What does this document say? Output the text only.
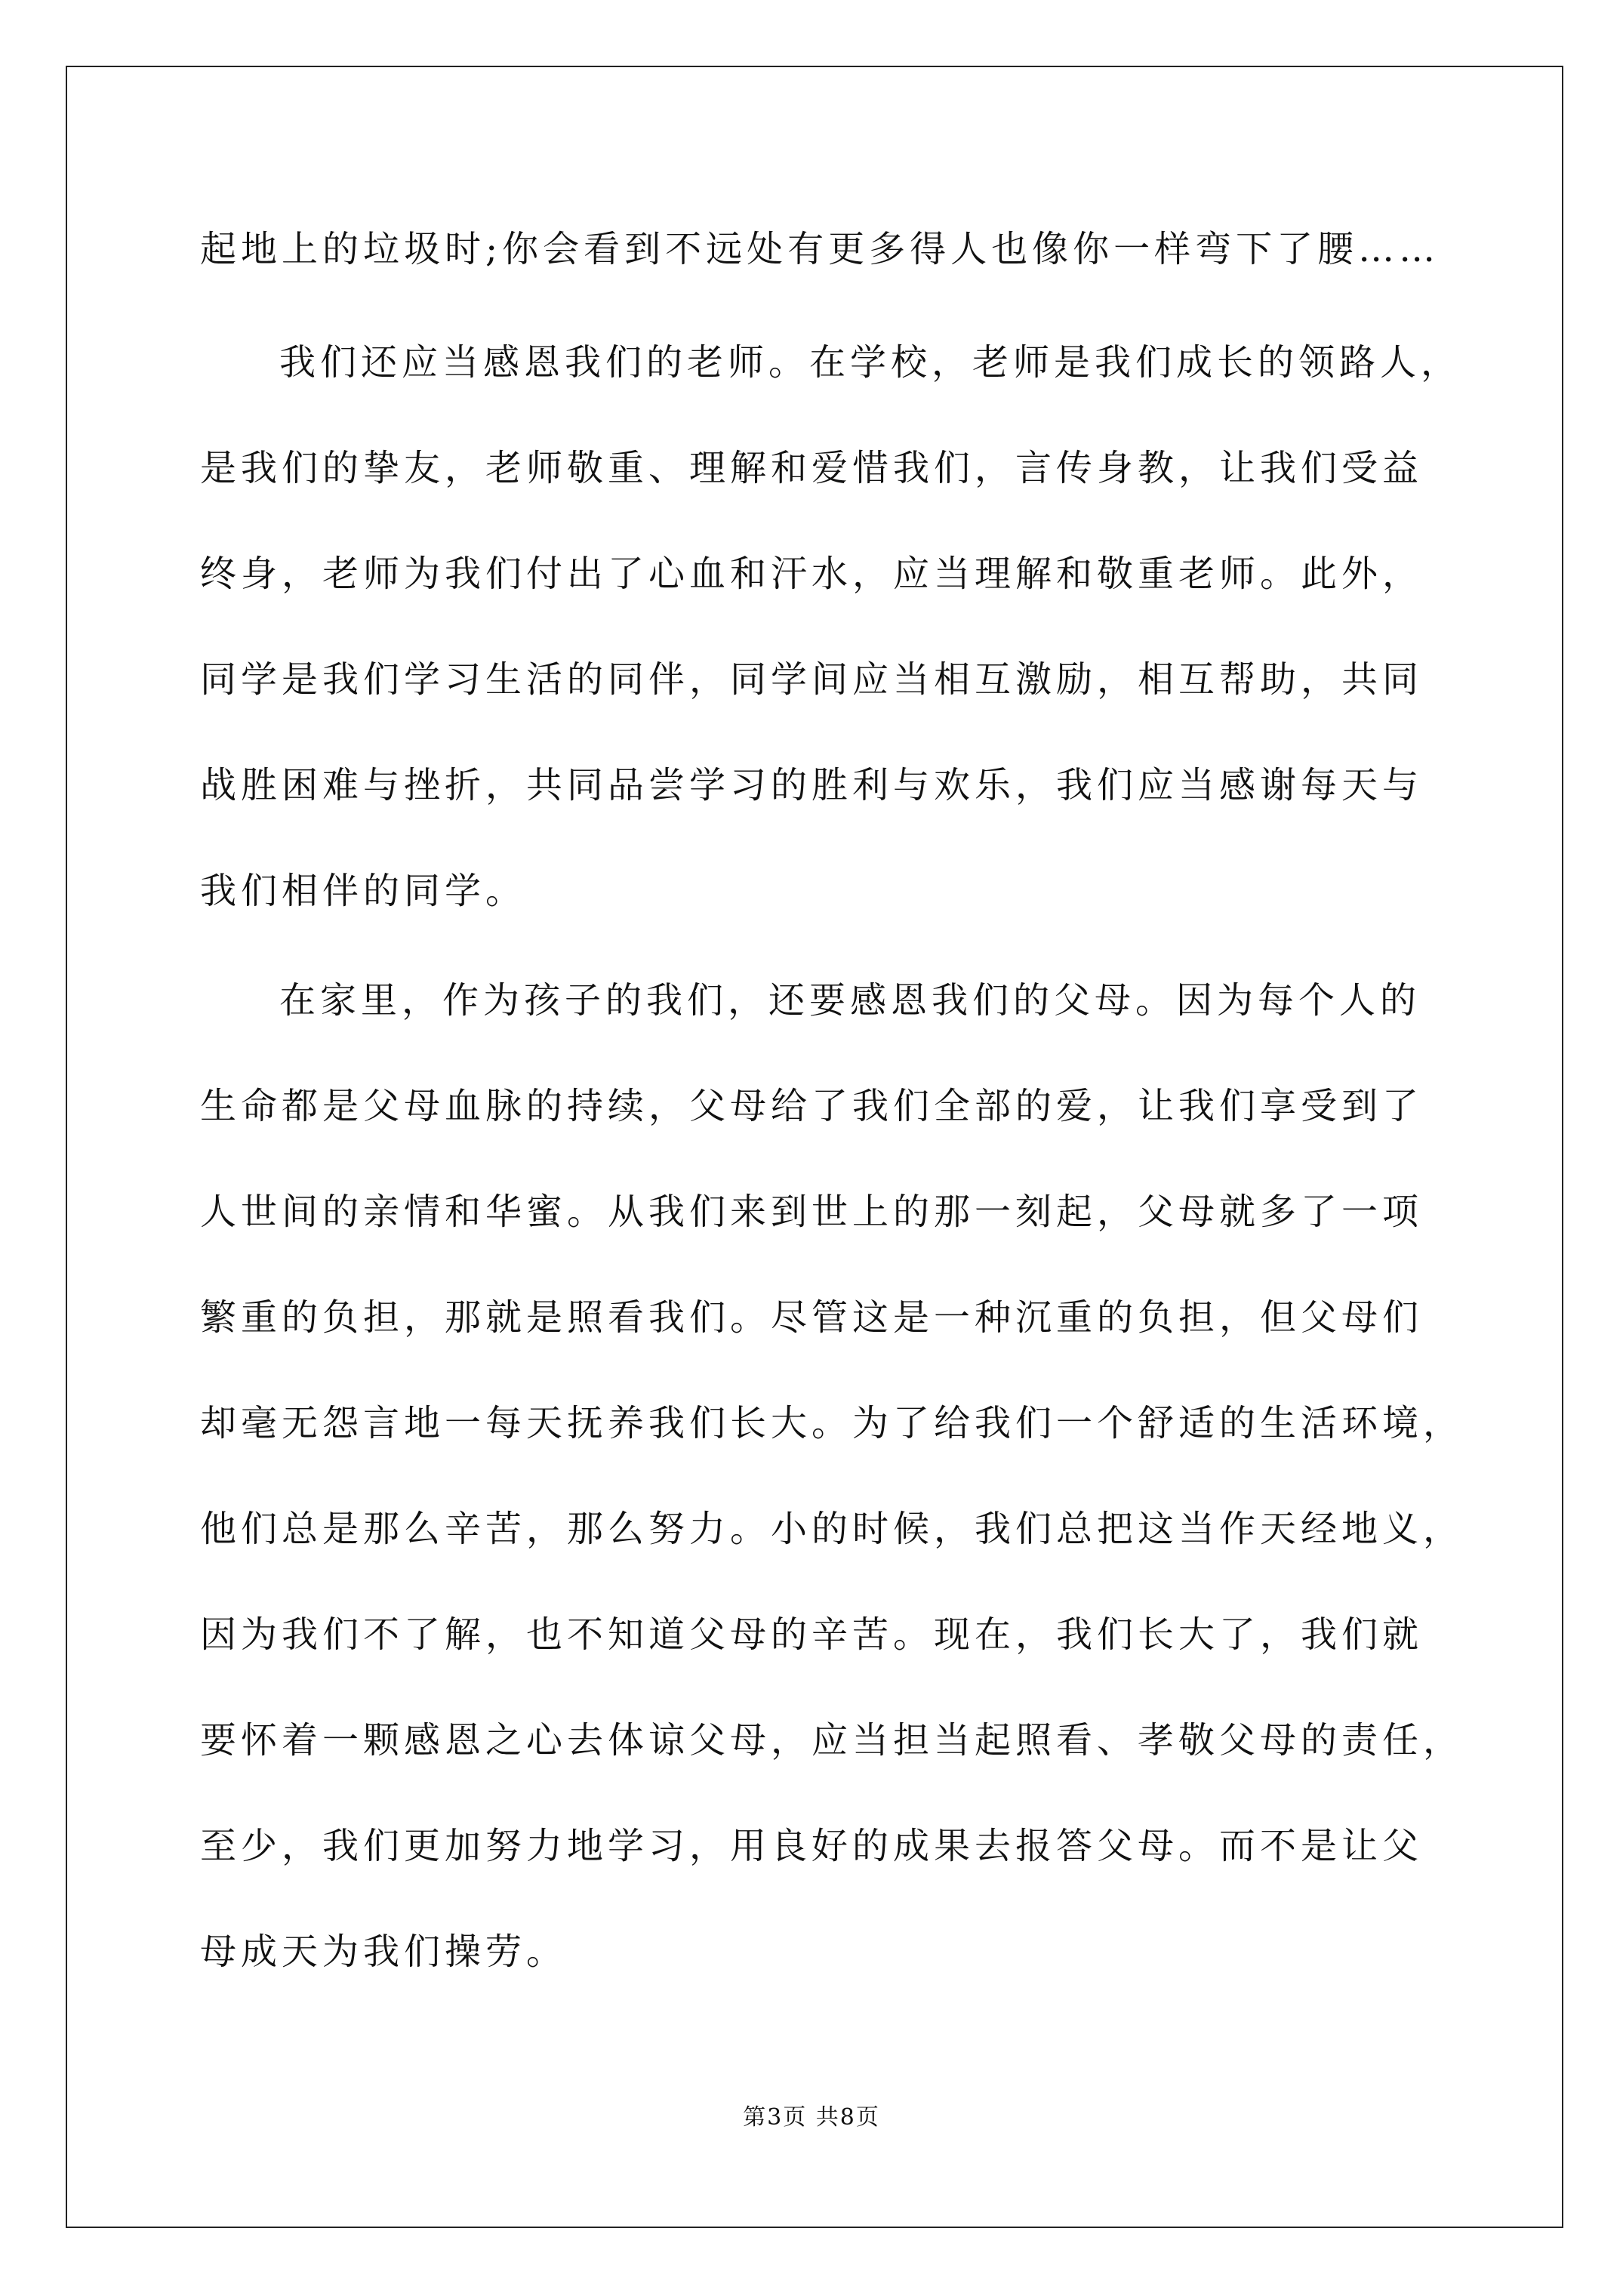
起地上的垃圾时;你会看到不远处有更多得人也像你一样弯下了腰……
我们还应当感恩我们的老师。在学校，老师是我们成长的领路人，
是我们的挚友，老师敬重、理解和爱惜我们，言传身教，让我们受益
终身，老师为我们付出了心血和汗水，应当理解和敬重老师。此外，
同学是我们学习生活的同伴，同学间应当相互激励，相互帮助，共同
战胜困难与挫折，共同品尝学习的胜利与欢乐，我们应当感谢每天与
我们相伴的同学。
在家里，作为孩子的我们，还要感恩我们的父母。因为每个人的
生命都是父母血脉的持续，父母给了我们全部的爱，让我们享受到了
人世间的亲情和华蜜。从我们来到世上的那一刻起，父母就多了一项
繁重的负担，那就是照看我们。尽管这是一种沉重的负担，但父母们
却毫无怨言地一每天抚养我们长大。为了给我们一个舒适的生活环境，
他们总是那么辛苦，那么努力。小的时候，我们总把这当作天经地义，
因为我们不了解，也不知道父母的辛苦。现在，我们长大了，我们就
要怀着一颗感恩之心去体谅父母，应当担当起照看、孝敬父母的责任，
至少，我们更加努力地学习，用良好的成果去报答父母。而不是让父
母成天为我们操劳。
第3页 共8页
